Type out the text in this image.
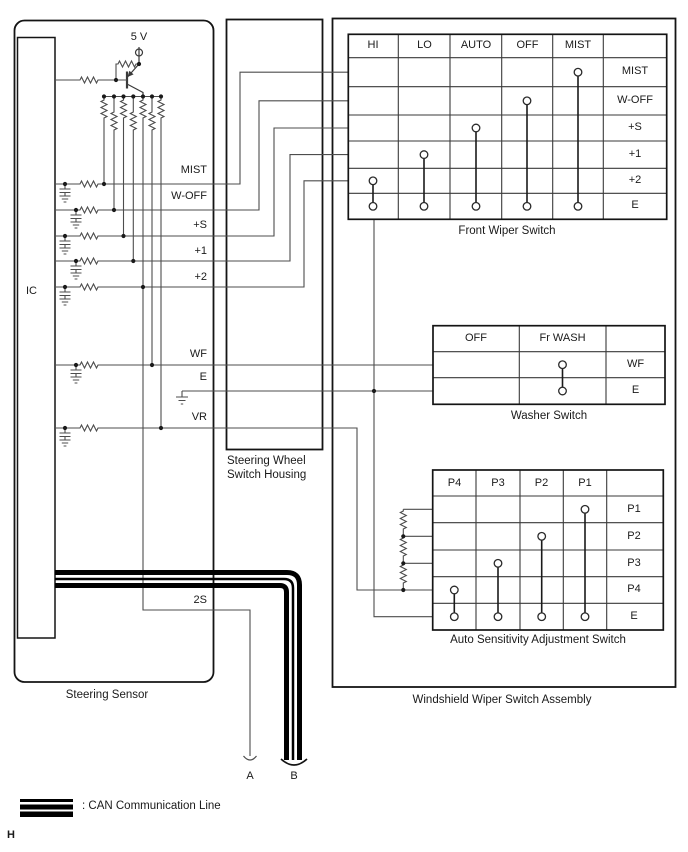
5 V
IC
MIST
W-OFF
+S
+1
+2
WF
E
VR
2S
Steering Sensor
Steering Wheel
Switch Housing
Windshield Wiper Switch Assembly
HI	LO	AUTO	OFF	MIST
MIST
W-OFF
+S
+1
+2
E
Front Wiper Switch
OFF	Fr WASH
WF
E
Washer Switch
P4	P3	P2	P1
P1
P2
P3
P4
E
Auto Sensitivity Adjustment Switch
A	B
: CAN Communication Line
H
